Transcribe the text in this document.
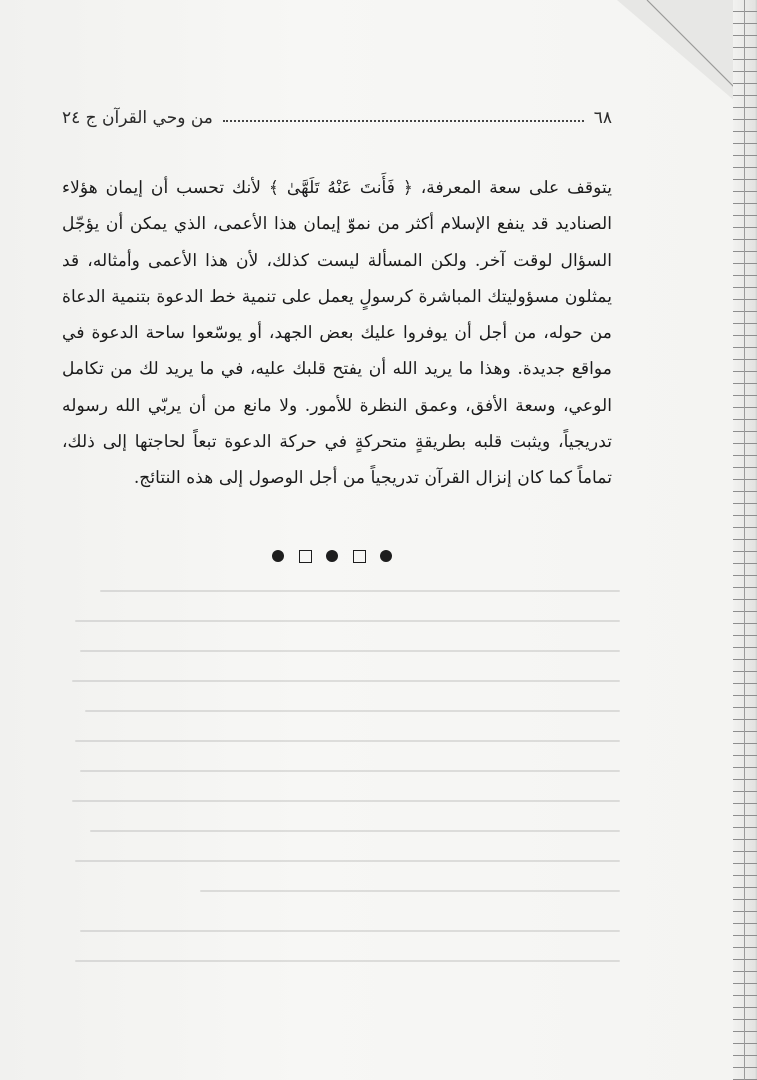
٦٨
من وحي القرآن ج ٢٤

يتوقف على سعة المعرفة، ﴿ فَأَنتَ عَنْهُ تَلَهَّىٰ ﴾ لأنك تحسب أن إيمان هؤلاء الصناديد قد ينفع الإسلام أكثر من نموّ إيمان هذا الأعمى، الذي يمكن أن يؤجّل السؤال لوقت آخر. ولكن المسألة ليست كذلك، لأن هذا الأعمى وأمثاله، قد يمثلون مسؤوليتك المباشرة كرسولٍ يعمل على تنمية خط الدعوة بتنمية الدعاة من حوله، من أجل أن يوفروا عليك بعض الجهد، أو يوسّعوا ساحة الدعوة في مواقع جديدة. وهذا ما يريد الله أن يفتح قلبك عليه، في ما يريد لك من تكامل الوعي، وسعة الأفق، وعمق النظرة للأمور. ولا مانع من أن يربّي الله رسوله تدريجياً، ويثبت قلبه بطريقةٍ متحركةٍ في حركة الدعوة تبعاً لحاجتها إلى ذلك، تماماً كما كان إنزال القرآن تدريجياً من أجل الوصول إلى هذه النتائج.
